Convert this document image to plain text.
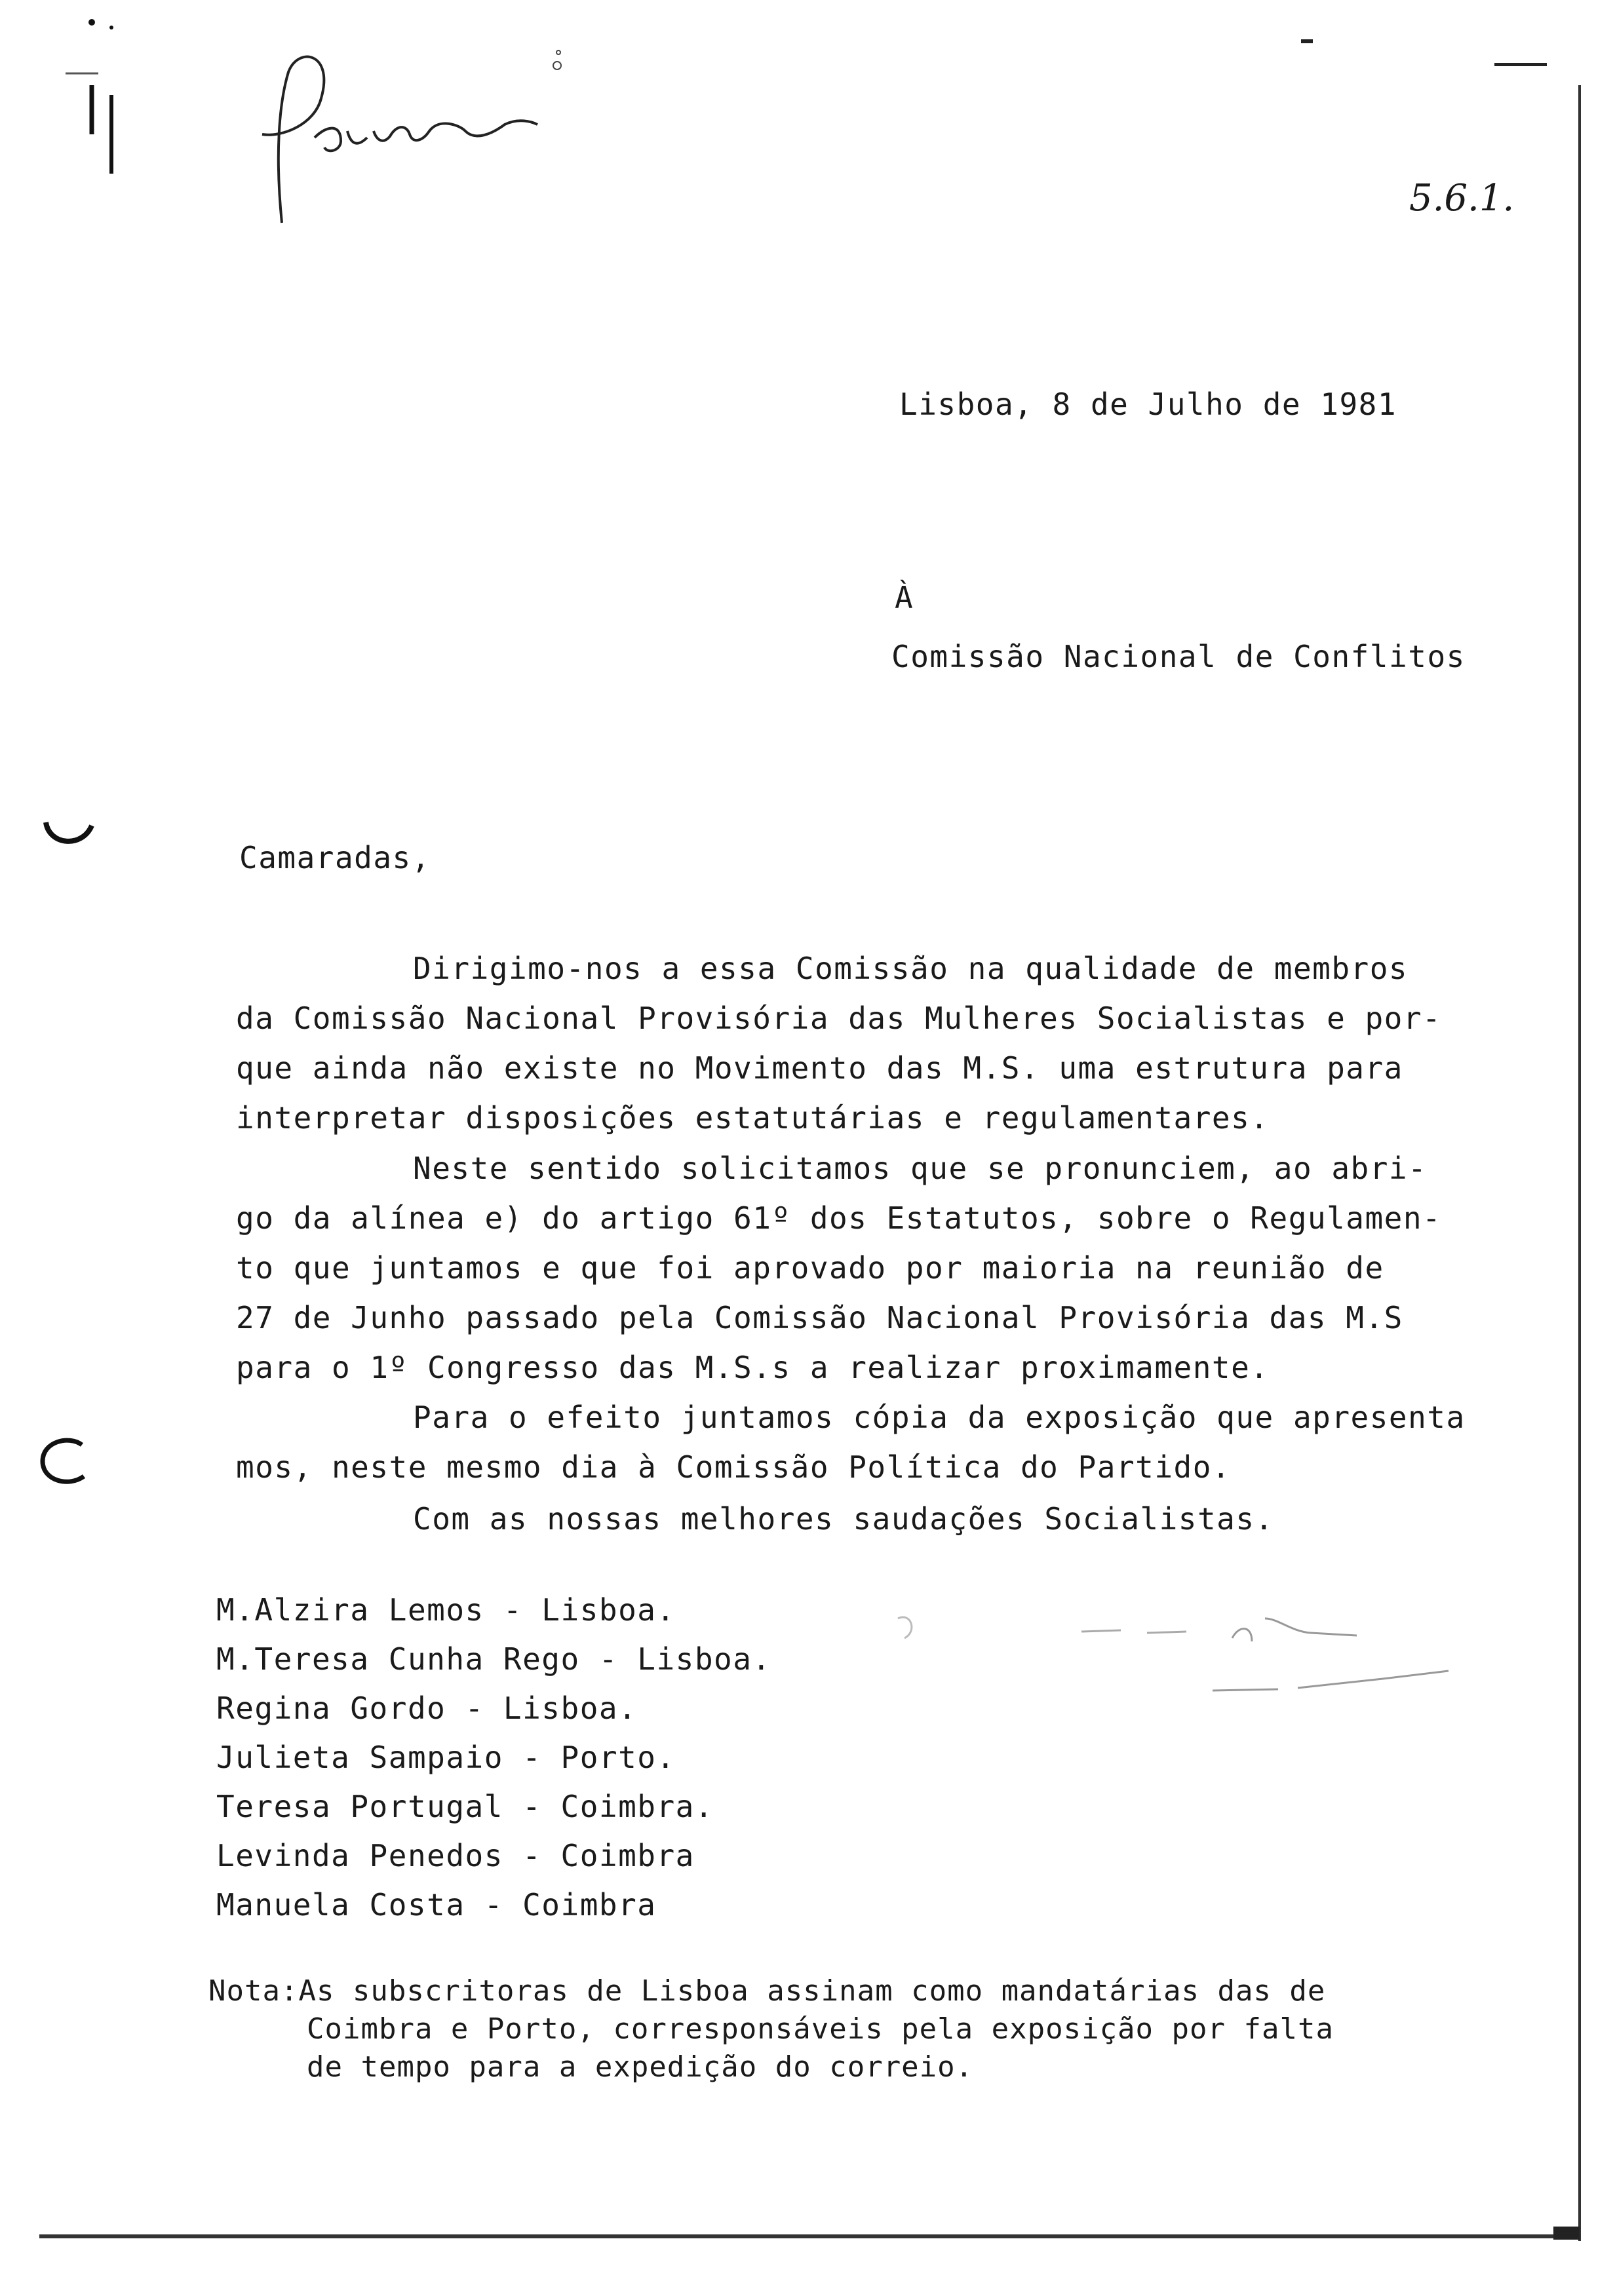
5.6.1.
Lisboa, 8 de Julho de 1981
À
Comissão Nacional de Conflitos
Camaradas,
Dirigimo-nos a essa Comissão na qualidade de membros
da Comissão Nacional Provisória das Mulheres Socialistas e por-
que ainda não existe no Movimento das M.S. uma estrutura para
interpretar disposições estatutárias e regulamentares.
Neste sentido solicitamos que se pronunciem, ao abri-
go da alínea e) do artigo 61º dos Estatutos, sobre o Regulamen-
to que juntamos e que foi aprovado por maioria na reunião de
27 de Junho passado pela Comissão Nacional Provisória das M.S
para o 1º Congresso das M.S.s a realizar proximamente.
Para o efeito juntamos cópia da exposição que apresenta
mos, neste mesmo dia à Comissão Política do Partido.
Com as nossas melhores saudações Socialistas.
M.Alzira Lemos - Lisboa.
M.Teresa Cunha Rego - Lisboa.
Regina Gordo - Lisboa.
Julieta Sampaio - Porto.
Teresa Portugal - Coimbra.
Levinda Penedos - Coimbra
Manuela Costa - Coimbra
Nota:As subscritoras de Lisboa assinam como mandatárias das de
Coimbra e Porto, corresponsáveis pela exposição por falta
de tempo para a expedição do correio.
